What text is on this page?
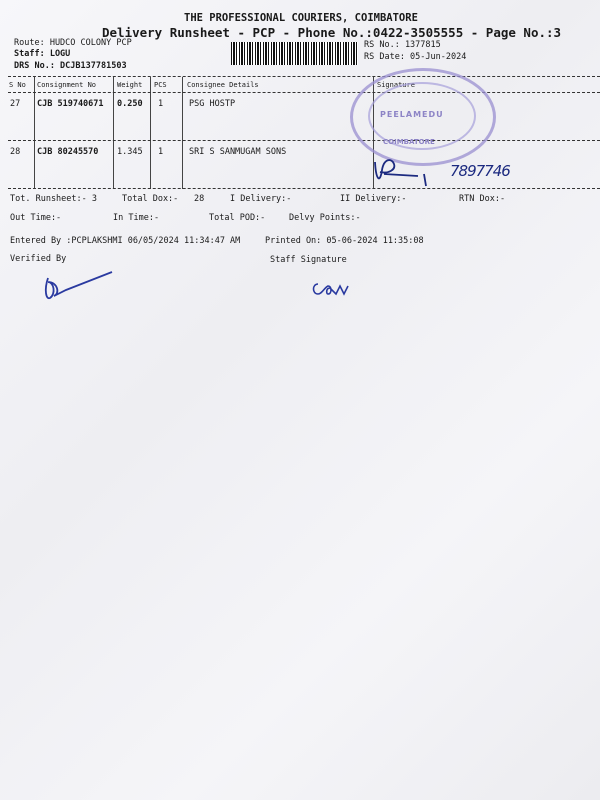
THE PROFESSIONAL COURIERS, COIMBATORE
Delivery Runsheet - PCP - Phone No.:0422-3505555 - Page No.:3
Route: HUDCO COLONY PCP
Staff: LOGU
DRS No.: DCJB137781503
RS No.: 1377815
RS Date: 05-Jun-2024
S No Consignment No	Weight PCS	Consignee Details	Signature
27 CJB 519740671 0.250 1	PSG HOSTP
28 CJB 80245570 1.345 1	SRI S SANMUGAM SONS
PEELAMEDU
COIMBATORE
7897746
Tot. Runsheet:- 3	Total Dox:- 28	I Delivery:-	II Delivery:-	RTN Dox:-
Out Time:-	In Time:-	Total POD:-	Delvy Points:-
Entered By :PCPLAKSHMI 06/05/2024 11:34:47 AM	Printed On: 05-06-2024 11:35:08
Verified By	Staff Signature
